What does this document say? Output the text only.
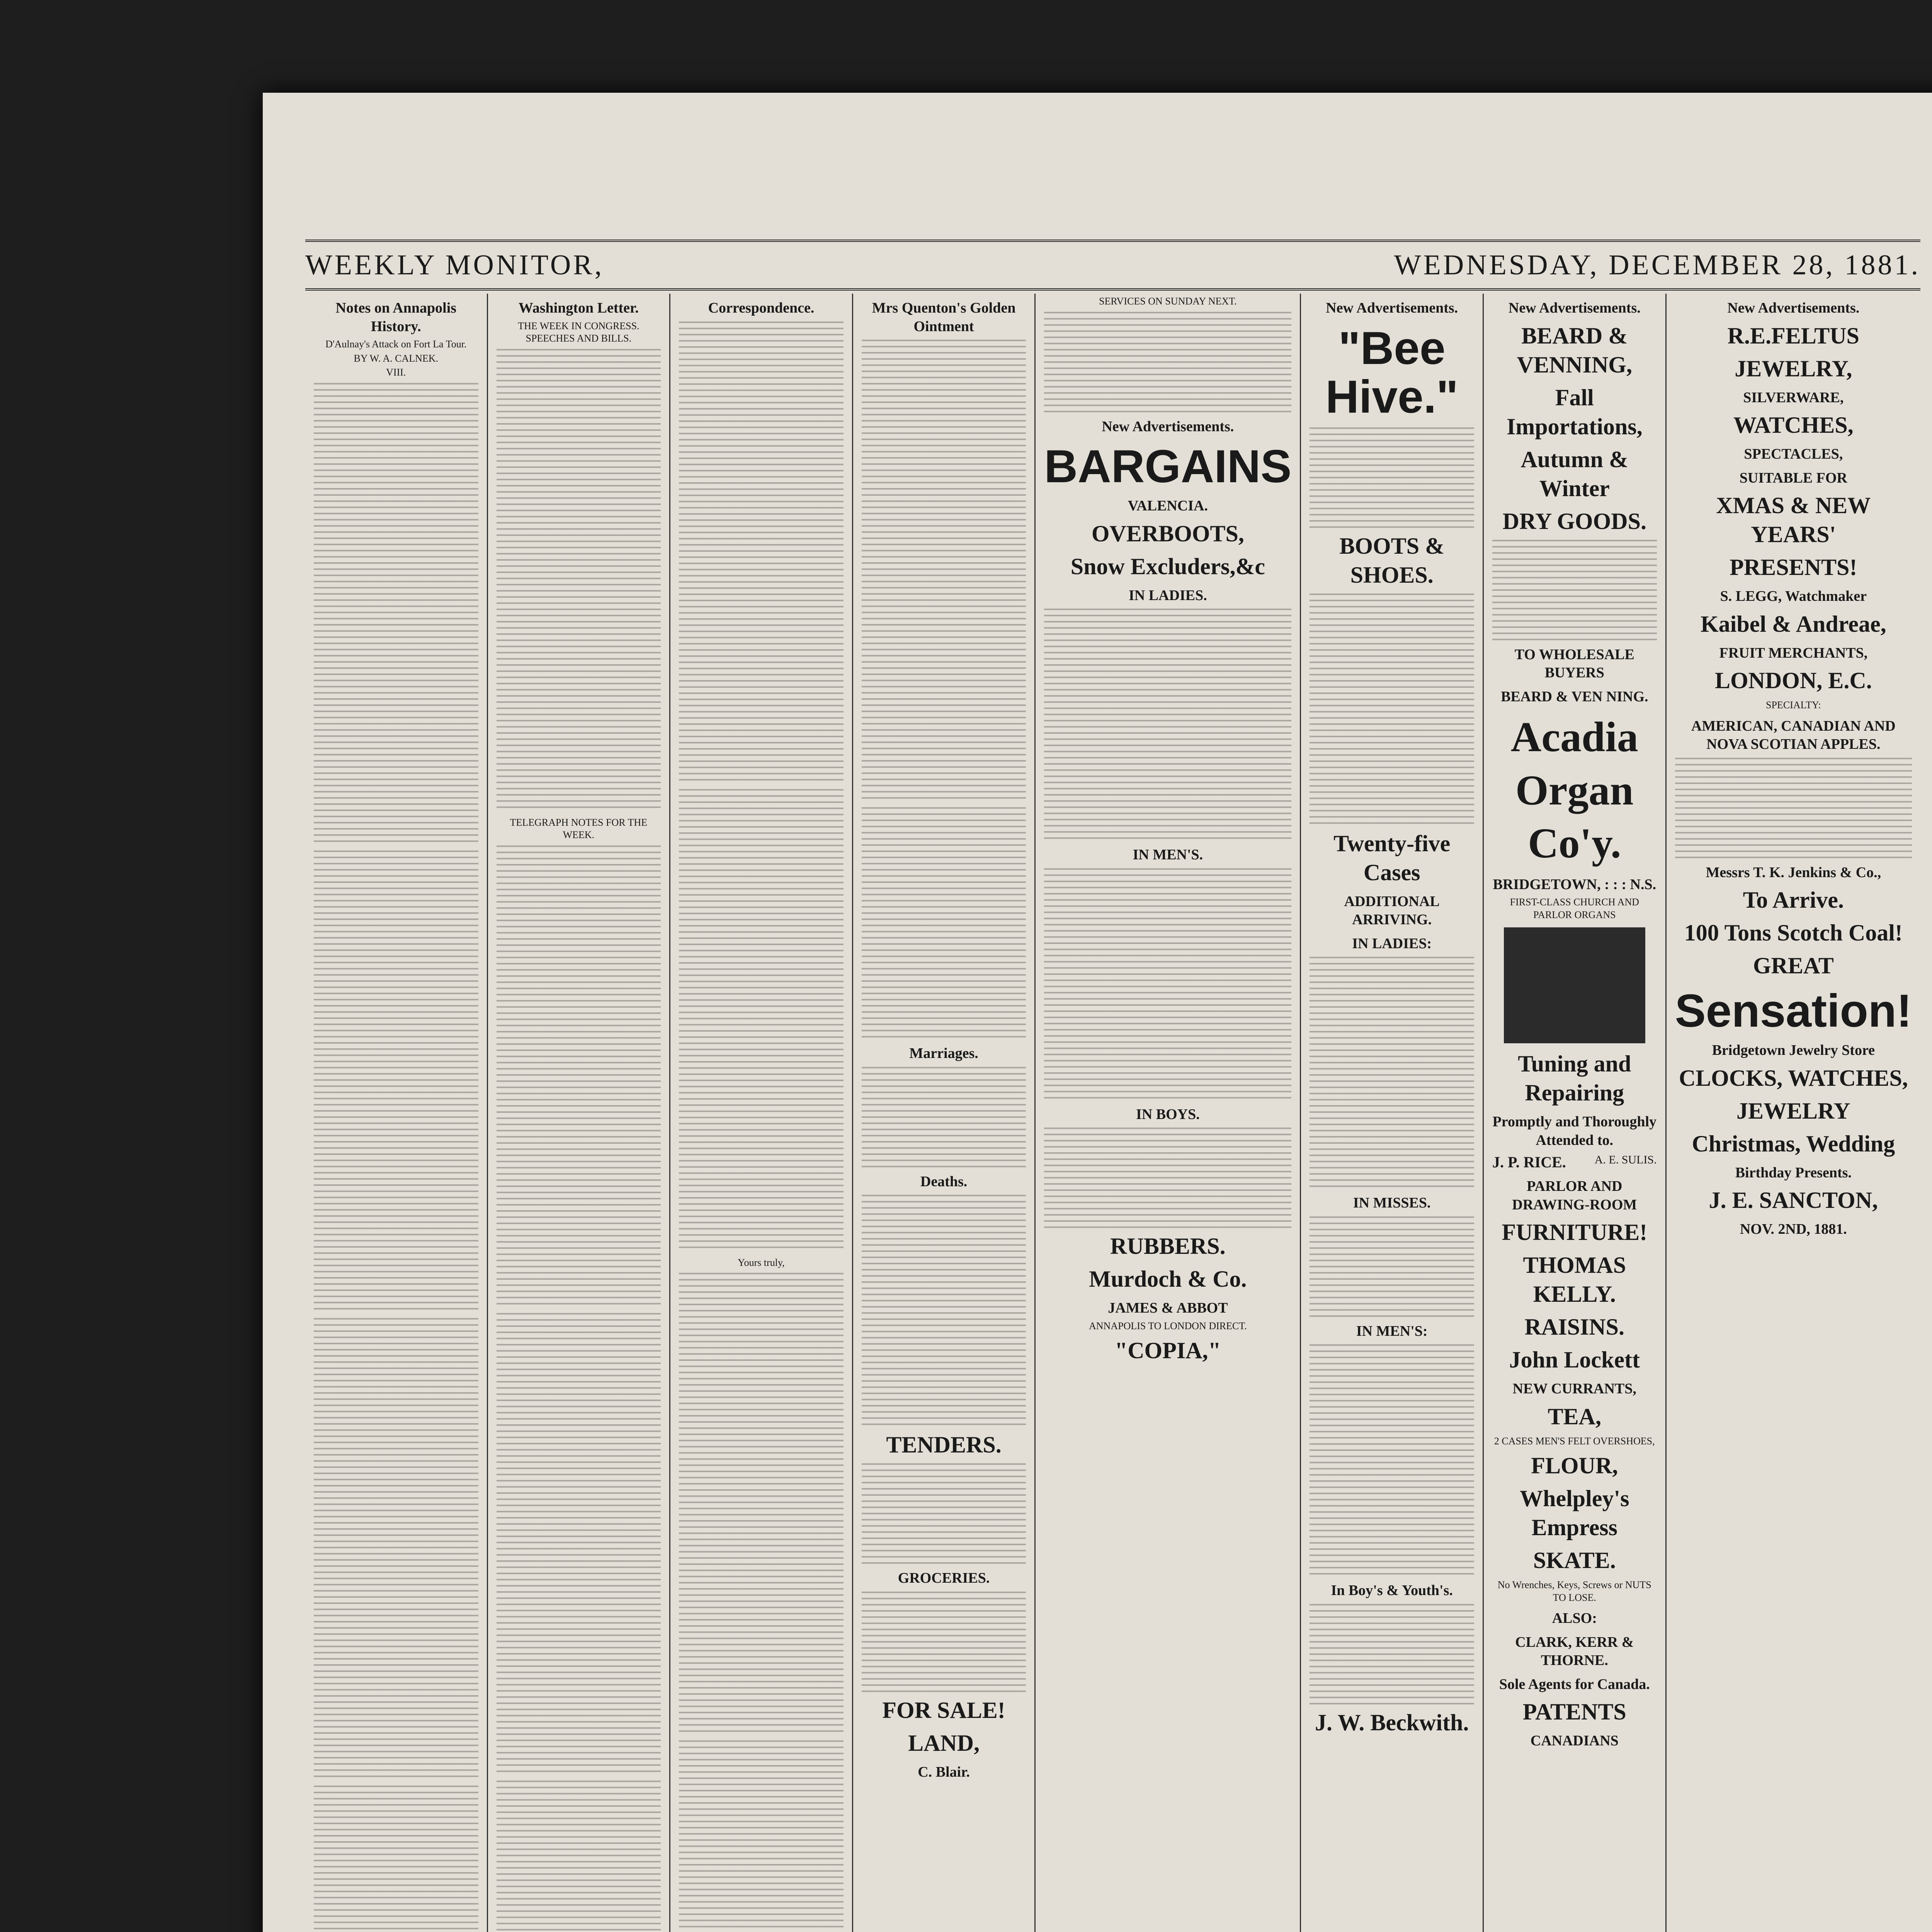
WEEKLY MONITOR,	WEDNESDAY, DECEMBER 28, 1881.
Notes on Annapolis History.
D'Aulnay's Attack on Fort La Tour.
BY W. A. CALNEK.
VIII.
Washington Letter.
THE WEEK IN CONGRESS. SPEECHES AND BILLS.
TELEGRAPH NOTES FOR THE WEEK.
Correspondence.
Yours truly,
Mrs Quenton's Golden Ointment
Marriages.
Deaths.
TENDERS.
GROCERIES.
FOR SALE!
LAND,
C. Blair.
SERVICES ON SUNDAY NEXT.
New Advertisements.
BARGAINS
VALENCIA.
OVERBOOTS,
Snow Excluders,&c
IN LADIES.
IN MEN'S.
IN BOYS.
RUBBERS.
Murdoch & Co.
JAMES & ABBOT
ANNAPOLIS TO LONDON DIRECT.
"COPIA,"
New Advertisements.
"Bee Hive."
BOOTS & SHOES.
Twenty-five Cases
ADDITIONAL ARRIVING.
IN LADIES:
IN MISSES.
IN MEN'S:
In Boy's & Youth's.
J. W. Beckwith.
New Advertisements.
BEARD & VENNING,
Fall Importations,
Autumn & Winter
DRY GOODS.
TO WHOLESALE BUYERS
BEARD & VEN NING.
Acadia Organ Co'y.
BRIDGETOWN, : : : N.S.
FIRST-CLASS CHURCH AND PARLOR ORGANS
Tuning and Repairing
Promptly and Thoroughly Attended to.
J. P. RICE. A. E. SULIS.
PARLOR AND DRAWING-ROOM
FURNITURE!
THOMAS KELLY.
RAISINS.
John Lockett
NEW CURRANTS,
TEA,
2 CASES MEN'S FELT OVERSHOES,
FLOUR,
Whelpley's Empress
SKATE.
No Wrenches, Keys, Screws or NUTS TO LOSE.
ALSO:
CLARK, KERR & THORNE.
Sole Agents for Canada.
PATENTS
CANADIANS
New Advertisements.
R.E.FELTUS
JEWELRY,
SILVERWARE,
WATCHES,
SPECTACLES,
SUITABLE FOR
XMAS & NEW YEARS'
PRESENTS!
S. LEGG, Watchmaker
Kaibel & Andreae,
FRUIT MERCHANTS,
LONDON, E.C.
SPECIALTY:
AMERICAN, CANADIAN AND NOVA SCOTIAN APPLES.
Messrs T. K. Jenkins & Co.,
To Arrive.
100 Tons Scotch Coal!
GREAT
Sensation!
Bridgetown Jewelry Store
CLOCKS, WATCHES,
JEWELRY
Christmas, Wedding
Birthday Presents.
J. E. SANCTON,
NOV. 2ND, 1881.
